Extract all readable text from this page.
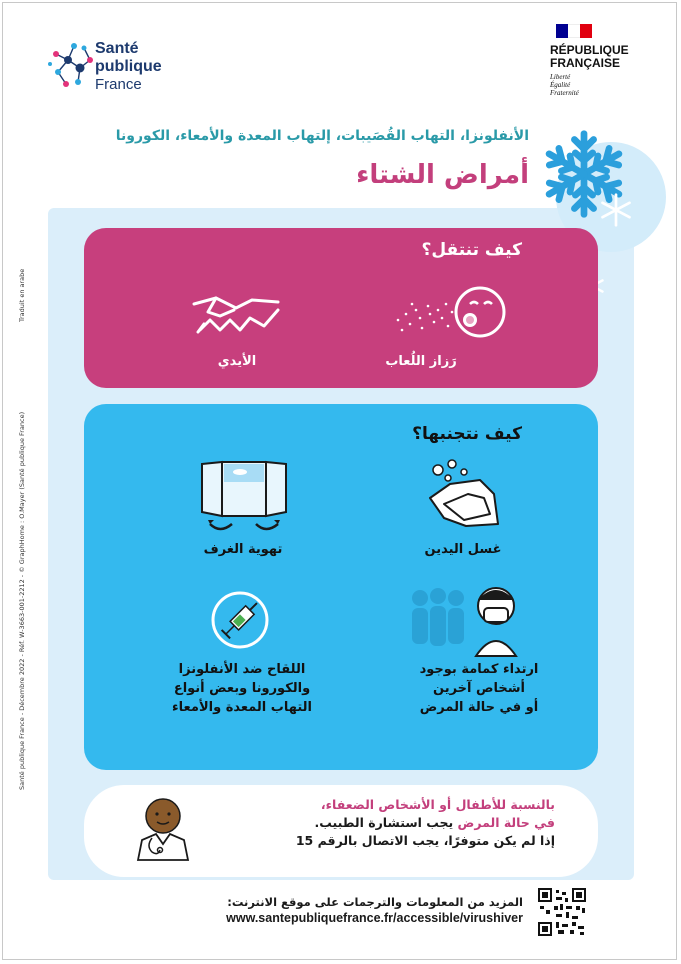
Santé
publique
France
RÉPUBLIQUE
FRANÇAISE
Liberté
Égalité
Fraternité
الأنفلونزا، التهاب القُصَيبات، إلتهاب المعدة والأمعاء، الكورونا
أمراض الشتاء
كيف تنتقل؟
رَزاز اللُعاب
الأيدي
كيف نتجنبها؟
غسل اليدين
تهوية الغرف
ارتداء كمامة بوجود
أشخاص آخرين
أو في حالة المرض
اللقاح ضد الأنفلونزا
والكورونا وبعض أنواع
التهاب المعدة والأمعاء
بالنسبة للأطفال أو الأشخاص الضعفاء،
في حالة المرض يجب استشارة الطبيب.
إذا لم يكن متوفرًا، يجب الاتصال بالرقم 15
المزيد من المعلومات والترجمات على موقع الانترنت:
www.santepubliquefrance.fr/accessible/virushiver
Traduit en arabe
Santé publique France - Décembre 2022 - Réf. W-3663-001-2212 - © GraphHome : O.Mayer (Santé publique France)
